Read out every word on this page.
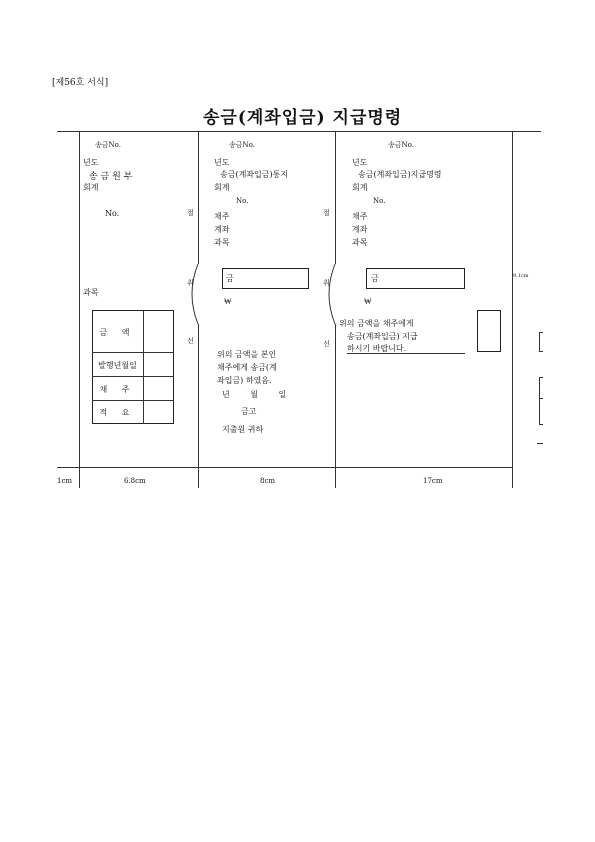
[제56호 서식]
송금(계좌입금) 지급명령
절
취
선
절
취
선
송금No.
년도
송 금 원 부
회계
No.
과목
금 액
발행년월일
채 주
적 요
송금No.
년도
송금(계좌입금)통지
회계
No.
채주
계좌
과목
금
₩
위의 금액을 본인
채주에게 송금(계
좌입금) 하였음.
년 월 일
금고
지출원 귀하
송금No.
년도
송금(계좌입금)지급명령
회계
No.
채주
계좌
과목
금
₩
위의 금액을 채주에게
송금(계좌입금) 지급
하시기 바랍니다.
9.1cm
1cm	6.8cm	8cm	17cm
